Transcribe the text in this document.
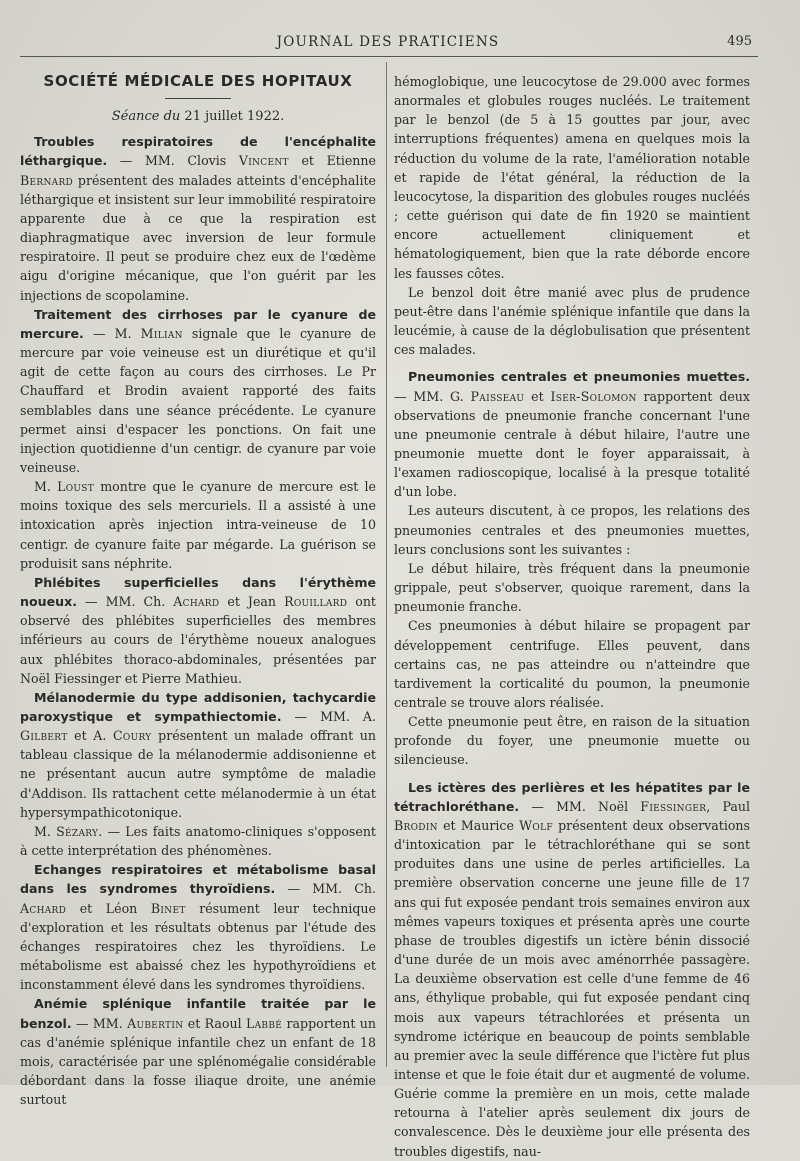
JOURNAL DES PRATICIENS	495
SOCIÉTÉ MÉDICALE DES HOPITAUX
Séance du 21 juillet 1922.

Troubles respiratoires de l'encéphalite léthargique. — MM. Clovis Vincent et Etienne Bernard présentent des malades atteints d'encéphalite léthargique et insistent sur leur immobilité respiratoire apparente due à ce que la respiration est diaphragmatique avec inversion de leur formule respiratoire. Il peut se produire chez eux de l'œdème aigu d'origine mécanique, que l'on guérit par les injections de scopolamine.

Traitement des cirrhoses par le cyanure de mercure. — M. Milian signale que le cyanure de mercure par voie veineuse est un diurétique et qu'il agit de cette façon au cours des cirrhoses. Le Pr Chauffard et Brodin avaient rapporté des faits semblables dans une séance précédente. Le cyanure permet ainsi d'espacer les ponctions. On fait une injection quotidienne d'un centigr. de cyanure par voie veineuse.

M. Loust montre que le cyanure de mercure est le moins toxique des sels mercuriels. Il a assisté à une intoxication après injection intra-veineuse de 10 centigr. de cyanure faite par mégarde. La guérison se produisit sans néphrite.

Phlébites superficielles dans l'érythème noueux. — MM. Ch. Achard et Jean Rouillard ont observé des phlébites superficielles des membres inférieurs au cours de l'érythème noueux analogues aux phlébites thoraco-abdominales, présentées par Noël Fiessinger et Pierre Mathieu.

Mélanodermie du type addisonien, tachycardie paroxystique et sympathiectomie. — MM. A. Gilbert et A. Coury présentent un malade offrant un tableau classique de la mélanodermie addisonienne et ne présentant aucun autre symptôme de maladie d'Addison. Ils rattachent cette mélanodermie à un état hypersympathicotonique.

M. Sézary. — Les faits anatomo-cliniques s'opposent à cette interprétation des phénomènes.

Echanges respiratoires et métabolisme basal dans les syndromes thyroïdiens. — MM. Ch. Achard et Léon Binet résument leur technique d'exploration et les résultats obtenus par l'étude des échanges respiratoires chez les thyroïdiens. Le métabolisme est abaissé chez les hypothyroïdiens et inconstamment élevé dans les syndromes thyroïdiens.

Anémie splénique infantile traitée par le benzol. — MM. Aubertin et Raoul Labbé rapportent un cas d'anémie splénique infantile chez un enfant de 18 mois, caractérisée par une splénomégalie considérable débordant dans la fosse iliaque droite, une anémie surtout

hémoglobique, une leucocytose de 29.000 avec formes anormales et globules rouges nucléés. Le traitement par le benzol (de 5 à 15 gouttes par jour, avec interruptions fréquentes) amena en quelques mois la réduction du volume de la rate, l'amélioration notable et rapide de l'état général, la réduction de la leucocytose, la disparition des globules rouges nucléés ; cette guérison qui date de fin 1920 se maintient encore actuellement cliniquement et hématologiquement, bien que la rate déborde encore les fausses côtes.

Le benzol doit être manié avec plus de prudence peut-être dans l'anémie splénique infantile que dans la leucémie, à cause de la déglobulisation que présentent ces malades.

Pneumonies centrales et pneumonies muettes. — MM. G. Paisseau et Iser-Solomon rapportent deux observations de pneumonie franche concernant l'une une pneumonie centrale à début hilaire, l'autre une pneumonie muette dont le foyer apparaissait, à l'examen radioscopique, localisé à la presque totalité d'un lobe.

Les auteurs discutent, à ce propos, les relations des pneumonies centrales et des pneumonies muettes, leurs conclusions sont les suivantes :

Le début hilaire, très fréquent dans la pneumonie grippale, peut s'observer, quoique rarement, dans la pneumonie franche.

Ces pneumonies à début hilaire se propagent par développement centrifuge. Elles peuvent, dans certains cas, ne pas atteindre ou n'atteindre que tardivement la corticalité du poumon, la pneumonie centrale se trouve alors réalisée.

Cette pneumonie peut être, en raison de la situation profonde du foyer, une pneumonie muette ou silencieuse.

Les ictères des perlières et les hépatites par le tétrachloréthane. — MM. Noël Fiessinger, Paul Brodin et Maurice Wolf présentent deux observations d'intoxication par le tétrachloréthane qui se sont produites dans une usine de perles artificielles. La première observation concerne une jeune fille de 17 ans qui fut exposée pendant trois semaines environ aux mêmes vapeurs toxiques et présenta après une courte phase de troubles digestifs un ictère bénin dissocié d'une durée de un mois avec aménorrhée passagère. La deuxième observation est celle d'une femme de 46 ans, éthylique probable, qui fut exposée pendant cinq mois aux vapeurs tétrachlorées et présenta un syndrome ictérique en beaucoup de points semblable au premier avec la seule différence que l'ictère fut plus intense et que le foie était dur et augmenté de volume. Guérie comme la première en un mois, cette malade retourna à l'atelier après seulement dix jours de convalescence. Dès le deuxième jour elle présenta des troubles digestifs, nau-
